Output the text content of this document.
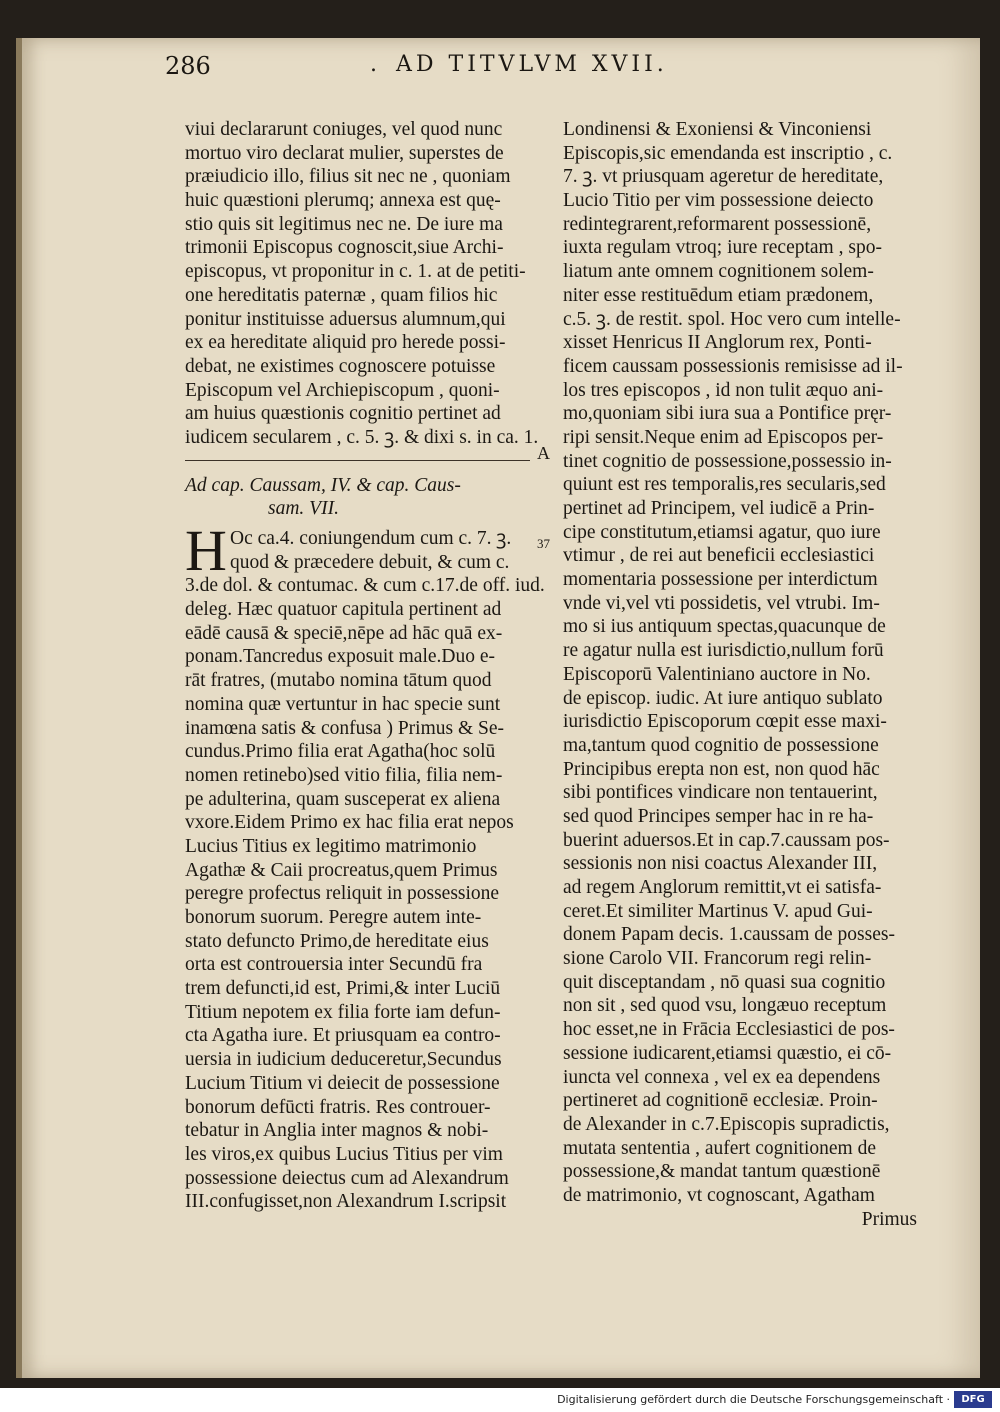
286	. AD TITVLVM XVII.
viui declararunt coniuges, vel quod nunc
mortuo viro declarat mulier, superstes de
præiudicio illo, filius sit nec ne , quoniam
huic quæstioni plerumq; annexa est quę-
stio quis sit legitimus nec ne. De iure ma
trimonii Episcopus cognoscit,siue Archi-
episcopus, vt proponitur in c. 1. at de petiti-
one hereditatis paternæ , quam filios hic
ponitur instituisse aduersus alumnum,qui
ex ea hereditate aliquid pro herede possi-
debat, ne existimes cognoscere potuisse
Episcopum vel Archiepiscopum , quoni-
am huius quæstionis cognitio pertinet ad
iudicem secularem , c. 5. ꝫ. & dixi s. in ca. 1.
A
Ad cap. Caussam, IV. & cap. Caus-
37
sam. VII.
H Oc ca.4. coniungendum cum c. 7. ꝫ.
quod & præcedere debuit, & cum c.
3.de dol. & contumac. & cum c.17.de off. iud.
deleg. Hæc quatuor capitula pertinent ad
eādē causā & speciē,nēpe ad hāc quā ex-
ponam.Tancredus exposuit male.Duo e-
rāt fratres, (mutabo nomina tātum quod
nomina quæ vertuntur in hac specie sunt
inamœna satis & confusa ) Primus & Se-
cundus.Primo filia erat Agatha(hoc solū
nomen retinebo)sed vitio filia, filia nem-
pe adulterina, quam susceperat ex aliena
vxore.Eidem Primo ex hac filia erat nepos
Lucius Titius ex legitimo matrimonio
Agathæ & Caii procreatus,quem Primus
peregre profectus reliquit in possessione
bonorum suorum. Peregre autem inte-
stato defuncto Primo,de hereditate eius
orta est controuersia inter Secundū fra
trem defuncti,id est, Primi,& inter Luciū
Titium nepotem ex filia forte iam defun-
cta Agatha iure. Et priusquam ea contro-
uersia in iudicium deduceretur,Secundus
Lucium Titium vi deiecit de possessione
bonorum defūcti fratris. Res controuer-
tebatur in Anglia inter magnos & nobi-
les viros,ex quibus Lucius Titius per vim
possessione deiectus cum ad Alexandrum
III.confugisset,non Alexandrum I.scripsit
Londinensi & Exoniensi & Vinconiensi
Episcopis,sic emendanda est inscriptio , c.
7. ꝫ. vt priusquam ageretur de hereditate,
Lucio Titio per vim possessione deiecto
redintegrarent,reformarent possessionē,
iuxta regulam vtroq; iure receptam , spo-
liatum ante omnem cognitionem solem-
niter esse restituēdum etiam prædonem,
c.5. ꝫ. de restit. spol. Hoc vero cum intelle-
xisset Henricus II Anglorum rex, Ponti-
ficem caussam possessionis remisisse ad il-
los tres episcopos , id non tulit æquo ani-
mo,quoniam sibi iura sua a Pontifice pręr-
ripi sensit.Neque enim ad Episcopos per-
tinet cognitio de possessione,possessio in-
quiunt est res temporalis,res secularis,sed
pertinet ad Principem, vel iudicē a Prin-
cipe constitutum,etiamsi agatur, quo iure
vtimur , de rei aut beneficii ecclesiastici
momentaria possessione per interdictum
vnde vi,vel vti possidetis, vel vtrubi. Im-
mo si ius antiquum spectas,quacunque de
re agatur nulla est iurisdictio,nullum forū
Episcoporū Valentiniano auctore in No.
de episcop. iudic. At iure antiquo sublato
iurisdictio Episcoporum cœpit esse maxi-
ma,tantum quod cognitio de possessione
Principibus erepta non est, non quod hāc
sibi pontifices vindicare non tentauerint,
sed quod Principes semper hac in re ha-
buerint aduersos.Et in cap.7.caussam pos-
sessionis non nisi coactus Alexander III,
ad regem Anglorum remittit,vt ei satisfa-
ceret.Et similiter Martinus V. apud Gui-
donem Papam decis. 1.caussam de posses-
sione Carolo VII. Francorum regi relin-
quit disceptandam , nō quasi sua cognitio
non sit , sed quod vsu, longæuo receptum
hoc esset,ne in Frācia Ecclesiastici de pos-
sessione iudicarent,etiamsi quæstio, ei cō-
iuncta vel connexa , vel ex ea dependens
pertineret ad cognitionē ecclesiæ. Proin-
de Alexander in c.7.Episcopis supradictis,
mutata sententia , aufert cognitionem de
possessione,& mandat tantum quæstionē
de matrimonio, vt cognoscant, Agatham
Primus
Digitalisierung gefördert durch die Deutsche Forschungsgemeinschaft ·	DFG
